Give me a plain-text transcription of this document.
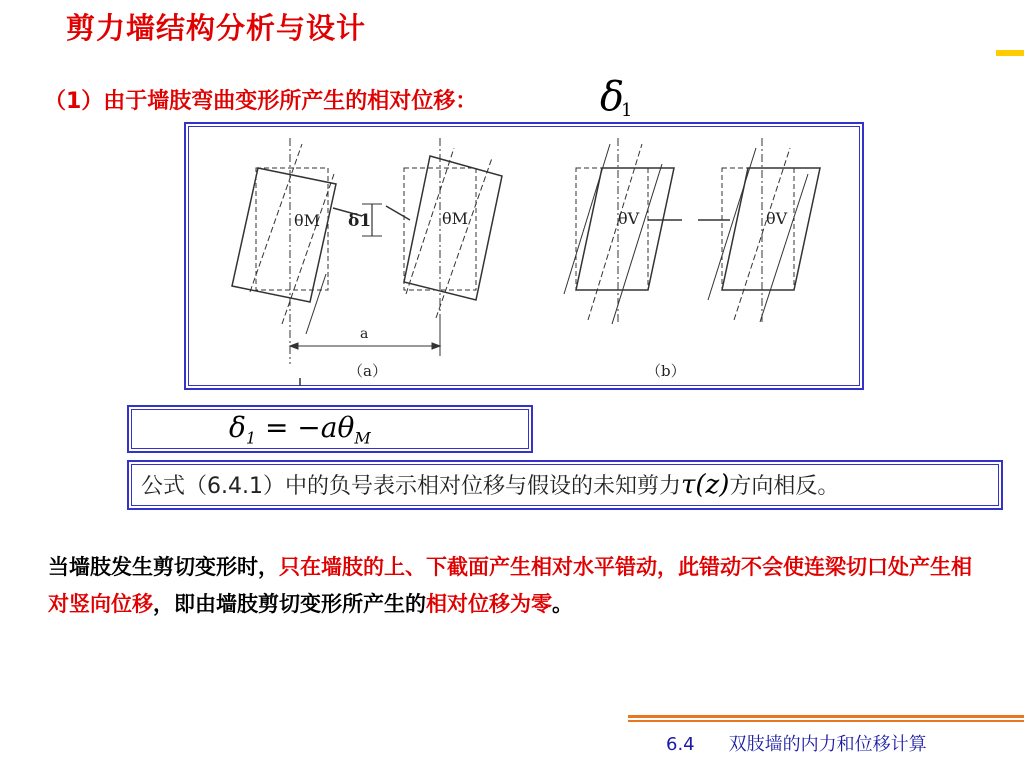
剪力墙结构分析与设计
（1）由于墙肢弯曲变形所产生的相对位移：	δ
1
θM	θM
δ1	θV	θV
a
（a）	（b）
$\delta_1 = -a\theta_M$
公式（6.4.1）中的负号表示相对位移与假设的未知剪力τ(z)方向相反。
当墙肢发生剪切变形时，只在墙肢的上、下截面产生相对水平错动，此错动不会使连梁切口处产生相对竖向位移，即由墙肢剪切变形所产生的相对位移为零。
6.4 双肢墙的内力和位移计算
